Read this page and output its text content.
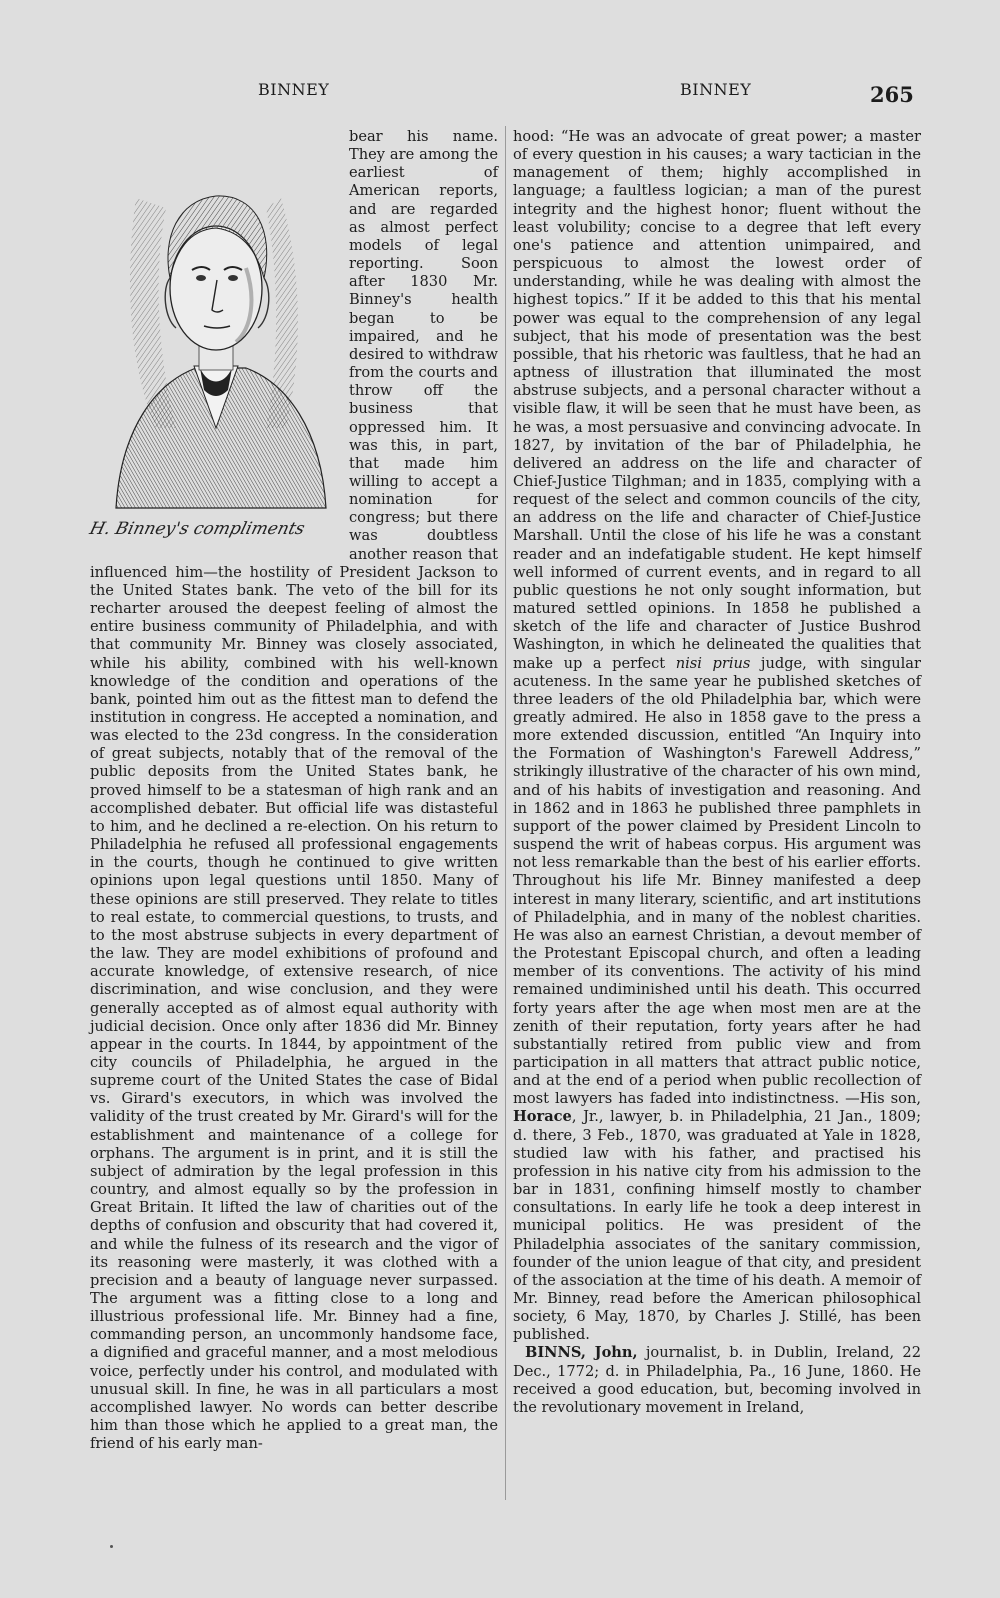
BINNEY	BINNEY	265
H. Binney's compliments

bear his name. They are among the earliest of American reports, and are regarded as almost perfect models of legal reporting. Soon after 1830 Mr. Binney's health began to be impaired, and he desired to withdraw from the courts and throw off the business that oppressed him. It was this, in part, that made him willing to accept a nomination for congress; but there was doubtless another reason that influenced him—the hostility of President Jackson to the United States bank. The veto of the bill for its recharter aroused the deepest feeling of almost the entire business community of Philadelphia, and with that community Mr. Binney was closely associated, while his ability, combined with his well-known knowledge of the condition and operations of the bank, pointed him out as the fittest man to defend the institution in congress. He accepted a nomination, and was elected to the 23d congress. In the consideration of great subjects, notably that of the removal of the public deposits from the United States bank, he proved himself to be a statesman of high rank and an accomplished debater. But official life was distasteful to him, and he declined a re-election. On his return to Philadelphia he refused all professional engagements in the courts, though he continued to give written opinions upon legal questions until 1850. Many of these opinions are still preserved. They relate to titles to real estate, to commercial questions, to trusts, and to the most abstruse subjects in every department of the law. They are model exhibitions of profound and accurate knowledge, of extensive research, of nice discrimination, and wise conclusion, and they were generally accepted as of almost equal authority with judicial decision. Once only after 1836 did Mr. Binney appear in the courts. In 1844, by appointment of the city councils of Philadelphia, he argued in the supreme court of the United States the case of Bidal vs. Girard's executors, in which was involved the validity of the trust created by Mr. Girard's will for the establishment and maintenance of a college for orphans. The argument is in print, and it is still the subject of admiration by the legal profession in this country, and almost equally so by the profession in Great Britain. It lifted the law of charities out of the depths of confusion and obscurity that had covered it, and while the fulness of its research and the vigor of its reasoning were masterly, it was clothed with a precision and a beauty of language never surpassed. The argument was a fitting close to a long and illustrious professional life. Mr. Binney had a fine, commanding person, an uncommonly handsome face, a dignified and graceful manner, and a most melodious voice, perfectly under his control, and modulated with unusual skill. In fine, he was in all particulars a most accomplished lawyer. No words can better describe him than those which he applied to a great man, the friend of his early man-

hood: “He was an advocate of great power; a master of every question in his causes; a wary tactician in the management of them; highly accomplished in language; a faultless logician; a man of the purest integrity and the highest honor; fluent without the least volubility; concise to a degree that left every one's patience and attention unimpaired, and perspicuous to almost the lowest order of understanding, while he was dealing with almost the highest topics.” If it be added to this that his mental power was equal to the comprehension of any legal subject, that his mode of presentation was the best possible, that his rhetoric was faultless, that he had an aptness of illustration that illuminated the most abstruse subjects, and a personal character without a visible flaw, it will be seen that he must have been, as he was, a most persuasive and convincing advocate. In 1827, by invitation of the bar of Philadelphia, he delivered an address on the life and character of Chief-Justice Tilghman; and in 1835, complying with a request of the select and common councils of the city, an address on the life and character of Chief-Justice Marshall. Until the close of his life he was a constant reader and an indefatigable student. He kept himself well informed of current events, and in regard to all public questions he not only sought information, but matured settled opinions. In 1858 he published a sketch of the life and character of Justice Bushrod Washington, in which he delineated the qualities that make up a perfect nisi prius judge, with singular acuteness. In the same year he published sketches of three leaders of the old Philadelphia bar, which were greatly admired. He also in 1858 gave to the press a more extended discussion, entitled “An Inquiry into the Formation of Washington's Farewell Address,” strikingly illustrative of the character of his own mind, and of his habits of investigation and reasoning. And in 1862 and in 1863 he published three pamphlets in support of the power claimed by President Lincoln to suspend the writ of habeas corpus. His argument was not less remarkable than the best of his earlier efforts. Throughout his life Mr. Binney manifested a deep interest in many literary, scientific, and art institutions of Philadelphia, and in many of the noblest charities. He was also an earnest Christian, a devout member of the Protestant Episcopal church, and often a leading member of its conventions. The activity of his mind remained undiminished until his death. This occurred forty years after the age when most men are at the zenith of their reputation, forty years after he had substantially retired from public view and from participation in all matters that attract public notice, and at the end of a period when public recollection of most lawyers has faded into indistinctness. —His son, Horace, Jr., lawyer, b. in Philadelphia, 21 Jan., 1809; d. there, 3 Feb., 1870, was graduated at Yale in 1828, studied law with his father, and practised his profession in his native city from his admission to the bar in 1831, confining himself mostly to chamber consultations. In early life he took a deep interest in municipal politics. He was president of the Philadelphia associates of the sanitary commission, founder of the union league of that city, and president of the association at the time of his death. A memoir of Mr. Binney, read before the American philosophical society, 6 May, 1870, by Charles J. Stillé, has been published.

BINNS, John, journalist, b. in Dublin, Ireland, 22 Dec., 1772; d. in Philadelphia, Pa., 16 June, 1860. He received a good education, but, becoming involved in the revolutionary movement in Ireland,
